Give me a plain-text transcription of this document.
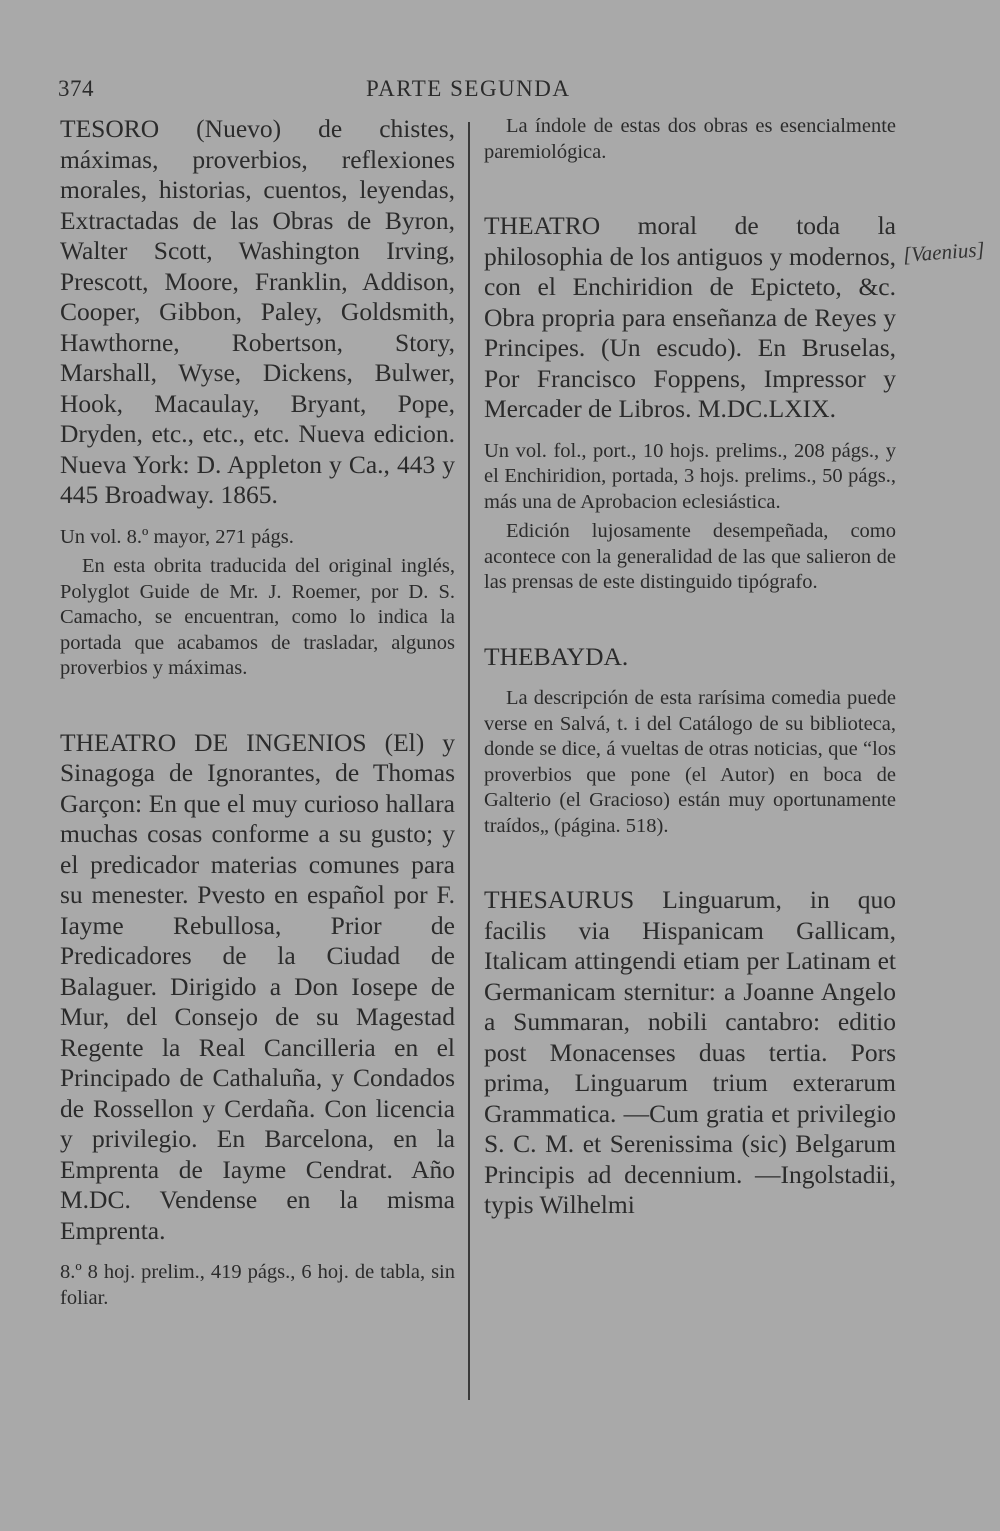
374	PARTE SEGUNDA
[Vaenius]

TESORO (Nuevo) de chistes, máximas, proverbios, reflexiones morales, historias, cuentos, leyendas, Extractadas de las Obras de Byron, Walter Scott, Washington Irving, Prescott, Moore, Franklin, Addison, Cooper, Gibbon, Paley, Goldsmith, Hawthorne, Robertson, Story, Marshall, Wyse, Dickens, Bulwer, Hook, Macaulay, Bryant, Pope, Dryden, etc., etc., etc. Nueva edicion. Nueva York: D. Appleton y Ca., 443 y 445 Broadway. 1865.

Un vol. 8.º mayor, 271 págs.

En esta obrita traducida del original inglés, Polyglot Guide de Mr. J. Roemer, por D. S. Camacho, se encuentran, como lo indica la portada que acabamos de trasladar, algunos proverbios y máximas.

THEATRO DE INGENIOS (El) y Sinagoga de Ignorantes, de Thomas Garçon: En que el muy curioso hallara muchas cosas conforme a su gusto; y el predicador materias comunes para su menester. Pvesto en español por F. Iayme Rebullosa, Prior de Predicadores de la Ciudad de Balaguer. Dirigido a Don Iosepe de Mur, del Consejo de su Magestad Regente la Real Cancilleria en el Principado de Cathaluña, y Condados de Rossellon y Cerdaña. Con licencia y privilegio. En Barcelona, en la Emprenta de Iayme Cendrat. Año M.DC. Vendense en la misma Emprenta.

8.º 8 hoj. prelim., 419 págs., 6 hoj. de tabla, sin foliar.

La índole de estas dos obras es esencialmente paremiológica.

THEATRO moral de toda la philosophia de los antiguos y modernos, con el Enchiridion de Epicteto, &c. Obra propria para enseñanza de Reyes y Principes. (Un escudo). En Bruselas, Por Francisco Foppens, Impressor y Mercader de Libros. M.DC.LXIX.

Un vol. fol., port., 10 hojs. prelims., 208 págs., y el Enchiridion, portada, 3 hojs. prelims., 50 págs., más una de Aprobacion eclesiástica.

Edición lujosamente desempeñada, como acontece con la generalidad de las que salieron de las prensas de este distinguido tipógrafo.

THEBAYDA.

La descripción de esta rarísima comedia puede verse en Salvá, t. i del Catálogo de su biblioteca, donde se dice, á vueltas de otras noticias, que “los proverbios que pone (el Autor) en boca de Galterio (el Gracioso) están muy oportunamente traídos„ (página. 518).

THESAURUS Linguarum, in quo facilis via Hispanicam Gallicam, Italicam attingendi etiam per Latinam et Germanicam sternitur: a Joanne Angelo a Summaran, nobili cantabro: editio post Monacenses duas tertia. Pors prima, Linguarum trium exterarum Grammatica. —Cum gratia et privilegio S. C. M. et Serenissima (sic) Belgarum Principis ad decennium. —Ingolstadii, typis Wilhelmi
